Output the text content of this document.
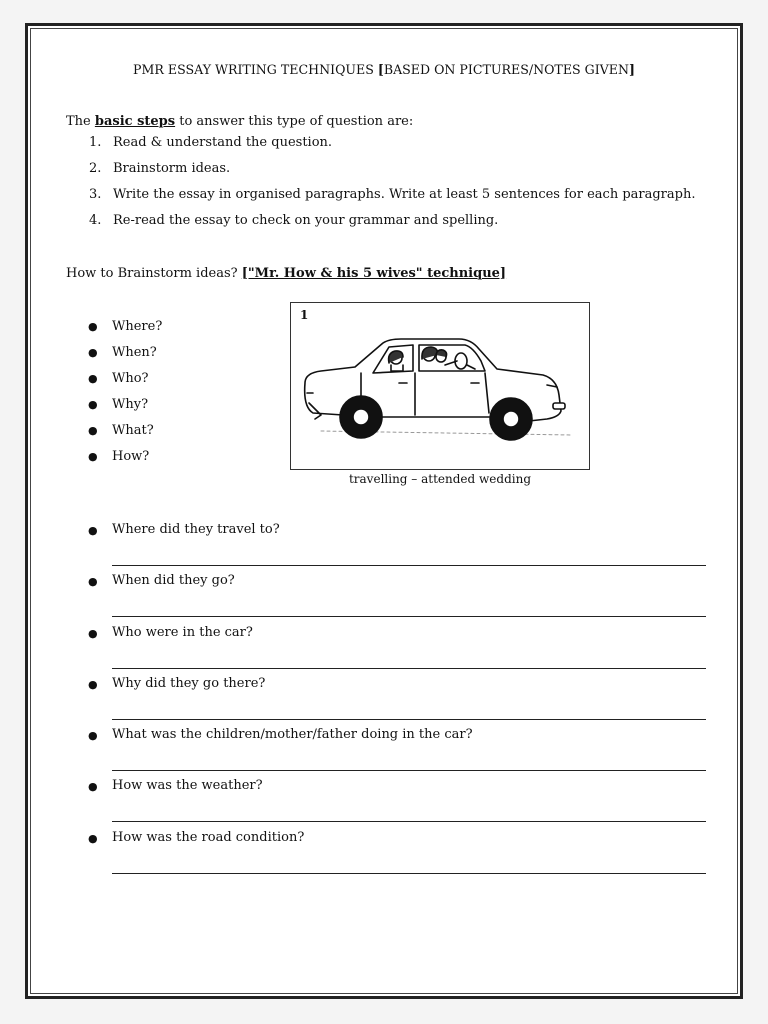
PMR ESSAY WRITING TECHNIQUES [BASED ON PICTURES/NOTES GIVEN]
The basic steps to answer this type of question are:
1. Read & understand the question.
2. Brainstorm ideas.
3. Write the essay in organised paragraphs. Write at least 5 sentences for each paragraph.
4. Re-read the essay to check on your grammar and spelling.
How to Brainstorm ideas? ["Mr. How & his 5 wives" technique]
● Where?
● When?
● Who?
● Why?
● What?
● How?
1
travelling – attended wedding
● Where did they travel to?
● When did they go?
● Who were in the car?
● Why did they go there?
● What was the children/mother/father doing in the car?
● How was the weather?
● How was the road condition?
